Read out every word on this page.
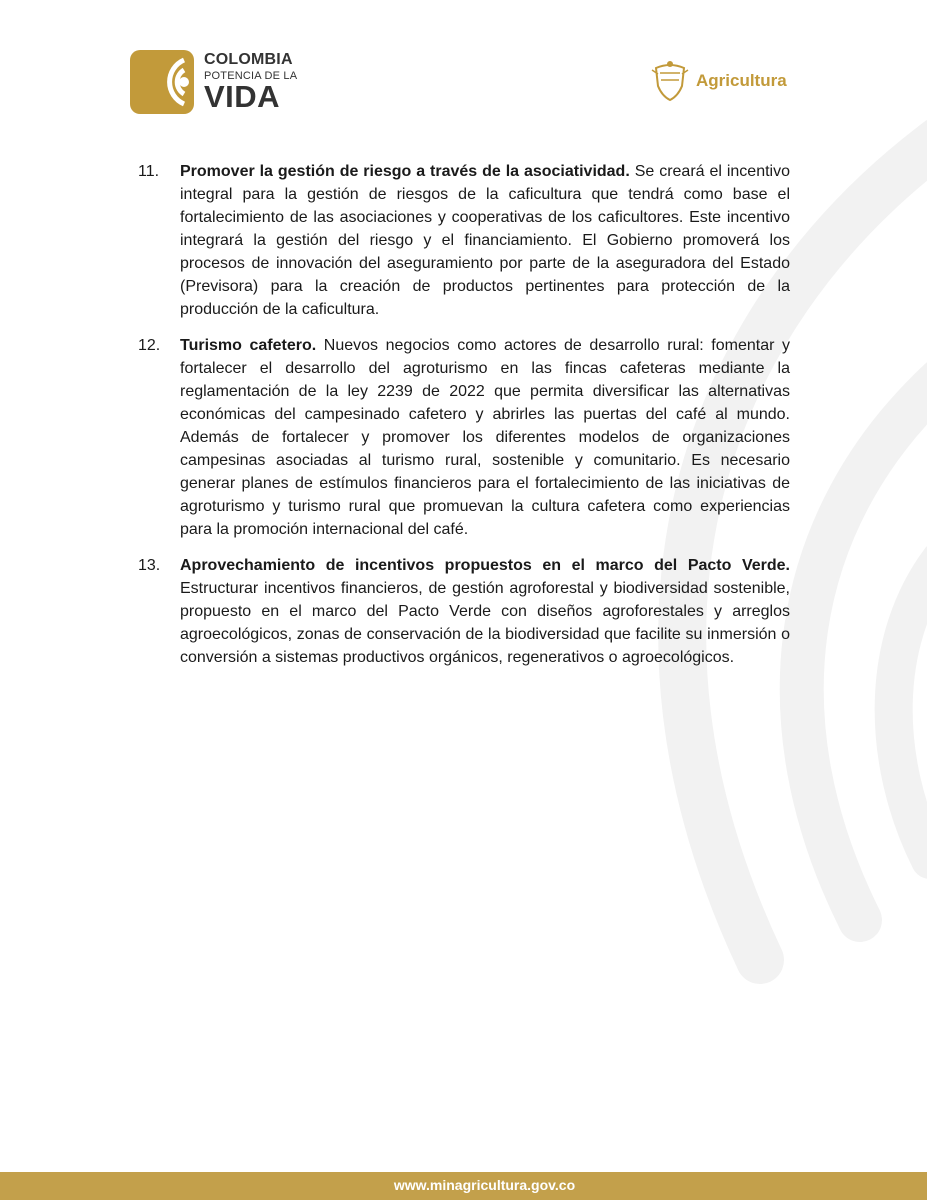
COLOMBIA
POTENCIA DE LA
VIDA	Agricultura
11. Promover la gestión de riesgo a través de la asociatividad. Se creará el incentivo integral para la gestión de riesgos de la caficultura que tendrá como base el fortalecimiento de las asociaciones y cooperativas de los caficultores. Este incentivo integrará la gestión del riesgo y el financiamiento. El Gobierno promoverá los procesos de innovación del aseguramiento por parte de la aseguradora del Estado (Previsora) para la creación de productos pertinentes para protección de la producción de la caficultura.
12. Turismo cafetero. Nuevos negocios como actores de desarrollo rural: fomentar y fortalecer el desarrollo del agroturismo en las fincas cafeteras mediante la reglamentación de la ley 2239 de 2022 que permita diversificar las alternativas económicas del campesinado cafetero y abrirles las puertas del café al mundo. Además de fortalecer y promover los diferentes modelos de organizaciones campesinas asociadas al turismo rural, sostenible y comunitario. Es necesario generar planes de estímulos financieros para el fortalecimiento de las iniciativas de agroturismo y turismo rural que promuevan la cultura cafetera como experiencias para la promoción internacional del café.
13. Aprovechamiento de incentivos propuestos en el marco del Pacto Verde. Estructurar incentivos financieros, de gestión agroforestal y biodiversidad sostenible, propuesto en el marco del Pacto Verde con diseños agroforestales y arreglos agroecológicos, zonas de conservación de la biodiversidad que facilite su inmersión o conversión a sistemas productivos orgánicos, regenerativos o agroecológicos.
www.minagricultura.gov.co
